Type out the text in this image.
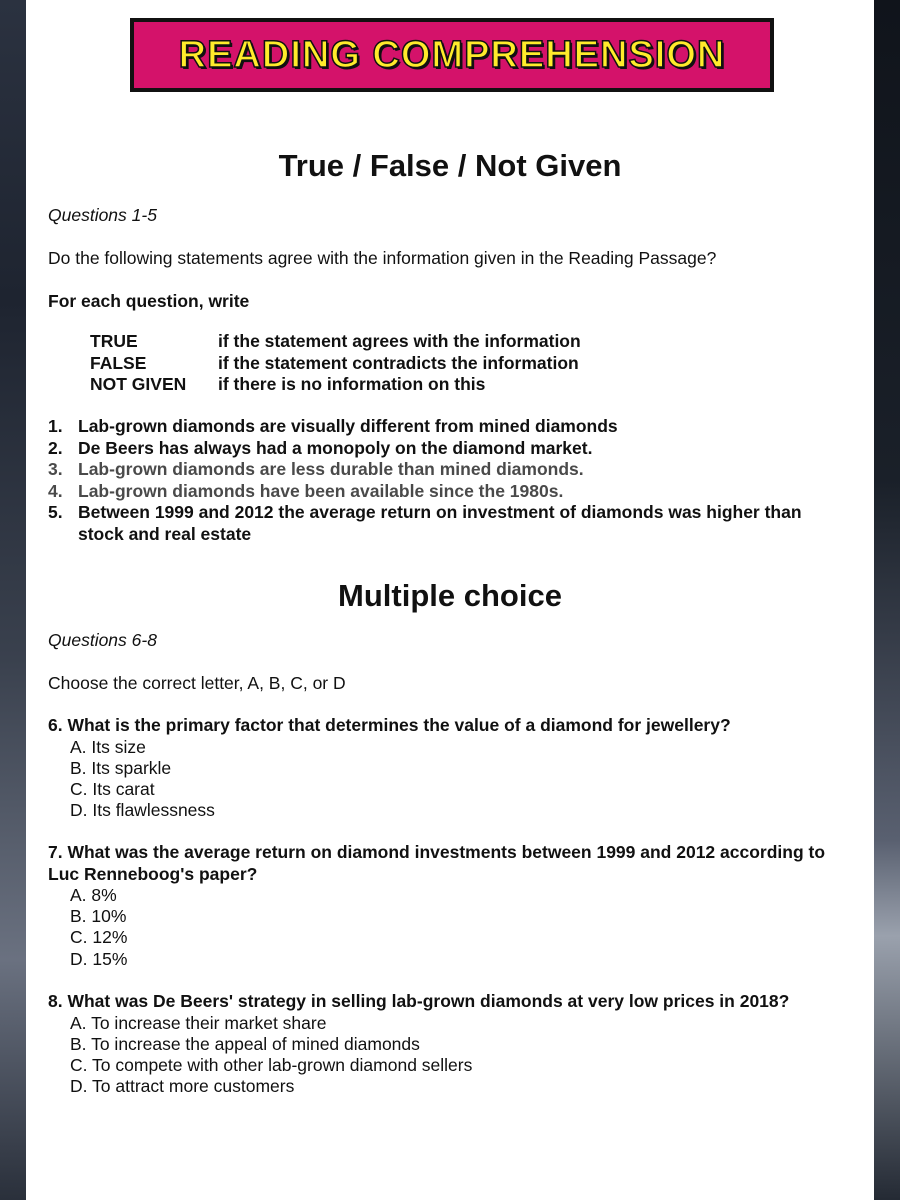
READING COMPREHENSION
True / False / Not Given
Questions 1-5
Do the following statements agree with the information given in the Reading Passage?
For each question, write
TRUE	if the statement agrees with the information
FALSE	if the statement contradicts the information
NOT GIVEN	if there is no information on this
1. Lab-grown diamonds are visually different from mined diamonds
2. De Beers has always had a monopoly on the diamond market.
3. Lab-grown diamonds are less durable than mined diamonds.
4. Lab-grown diamonds have been available since the 1980s.
5. Between 1999 and 2012 the average return on investment of diamonds was higher than stock and real estate
Multiple choice
Questions 6-8
Choose the correct letter, A, B, C, or D
6. What is the primary factor that determines the value of a diamond for jewellery?
A. Its size
B. Its sparkle
C. Its carat
D. Its flawlessness
7. What was the average return on diamond investments between 1999 and 2012 according to Luc Renneboog's paper?
A. 8%
B. 10%
C. 12%
D. 15%
8. What was De Beers' strategy in selling lab-grown diamonds at very low prices in 2018?
A. To increase their market share
B. To increase the appeal of mined diamonds
C. To compete with other lab-grown diamond sellers
D. To attract more customers
